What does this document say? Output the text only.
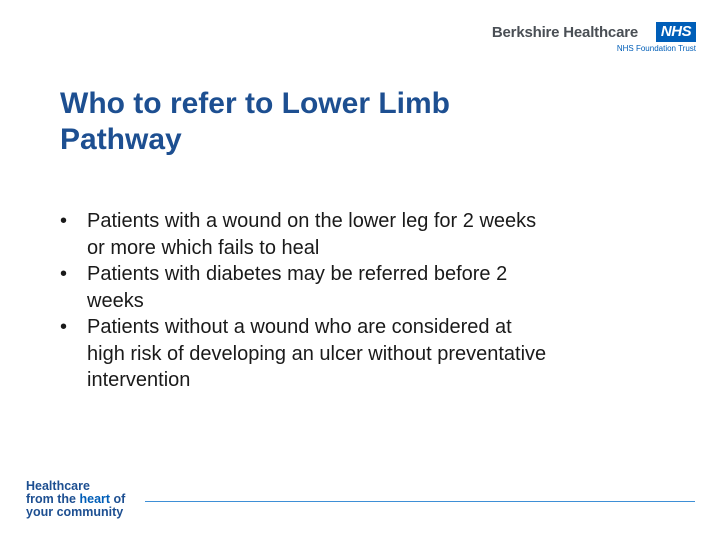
Berkshire Healthcare	NHS
NHS Foundation Trust
Who to refer to Lower Limb
Pathway
• Patients with a wound on the lower leg for 2 weeks
or more which fails to heal
• Patients with diabetes may be referred before 2
weeks
• Patients without a wound who are considered at
high risk of developing an ulcer without preventative
intervention
Healthcare
from the heart of
your community
